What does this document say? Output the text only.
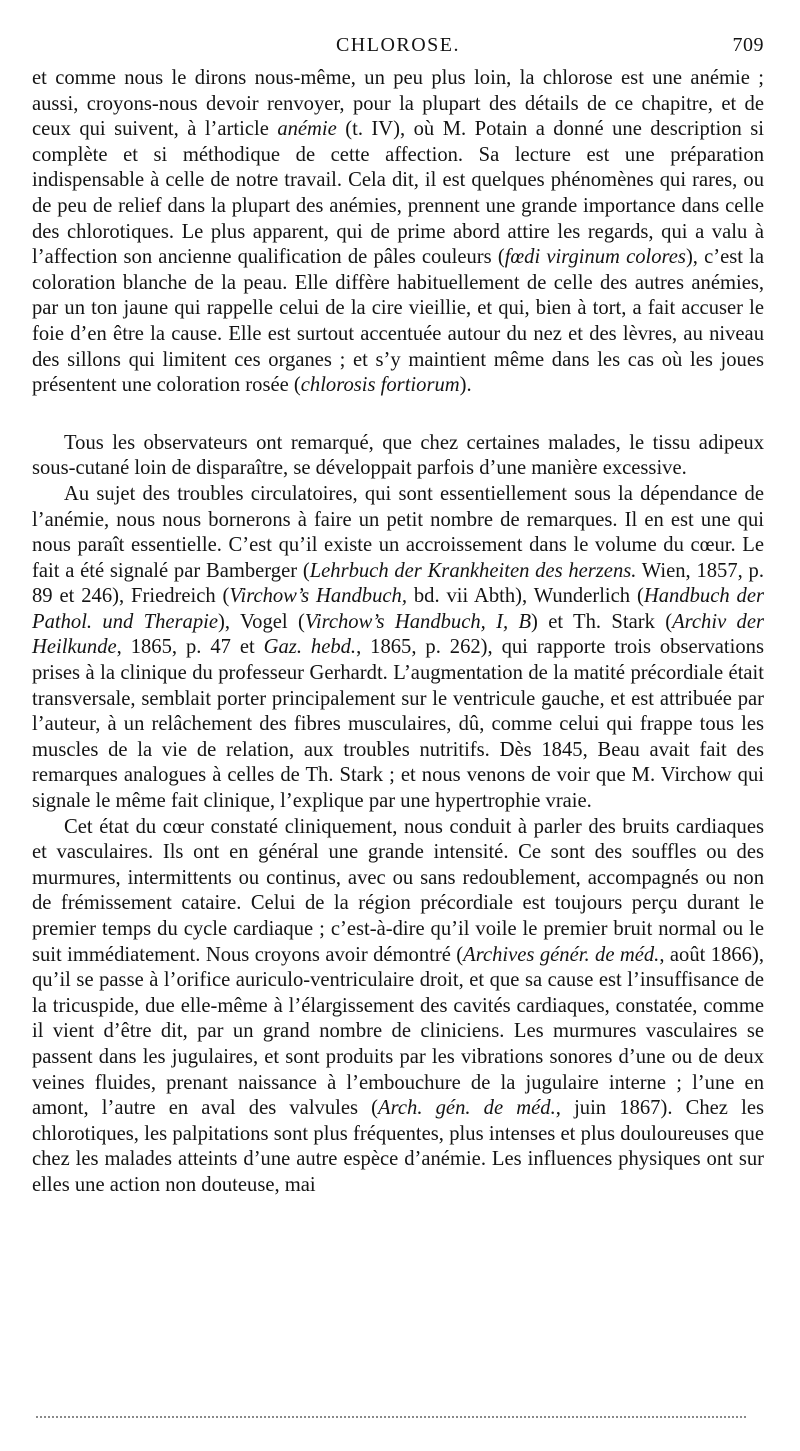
CHLOROSE.	709

et comme nous le dirons nous-même, un peu plus loin, la chlorose est une anémie ; aussi, croyons-nous devoir renvoyer, pour la plupart des détails de ce chapitre, et de ceux qui suivent, à l’article anémie (t. IV), où M. Potain a donné une description si complète et si méthodique de cette affection. Sa lecture est une préparation indispensable à celle de notre travail. Cela dit, il est quelques phénomènes qui rares, ou de peu de relief dans la plupart des anémies, prennent une grande importance dans celle des chlorotiques. Le plus apparent, qui de prime abord attire les regards, qui a valu à l’affection son ancienne qualification de pâles couleurs (fœdi virginum colores), c’est la coloration blanche de la peau. Elle diffère habituellement de celle des autres anémies, par un ton jaune qui rappelle celui de la cire vieillie, et qui, bien à tort, a fait accuser le foie d’en être la cause. Elle est surtout accentuée autour du nez et des lèvres, au niveau des sillons qui limitent ces organes ; et s’y maintient même dans les cas où les joues présentent une coloration rosée (chlorosis fortiorum).

Tous les observateurs ont remarqué, que chez certaines malades, le tissu adipeux sous-cutané loin de disparaître, se développait parfois d’une manière excessive.

Au sujet des troubles circulatoires, qui sont essentiellement sous la dépendance de l’anémie, nous nous bornerons à faire un petit nombre de remarques. Il en est une qui nous paraît essentielle. C’est qu’il existe un accroissement dans le volume du cœur. Le fait a été signalé par Bamberger (Lehrbuch der Krankheiten des herzens. Wien, 1857, p. 89 et 246), Friedreich (Virchow’s Handbuch, bd. vii Abth), Wunderlich (Handbuch der Pathol. und Therapie), Vogel (Virchow’s Handbuch, I, B) et Th. Stark (Archiv der Heilkunde, 1865, p. 47 et Gaz. hebd., 1865, p. 262), qui rapporte trois observations prises à la clinique du professeur Gerhardt. L’augmentation de la matité précordiale était transversale, semblait porter principalement sur le ventricule gauche, et est attribuée par l’auteur, à un relâchement des fibres musculaires, dû, comme celui qui frappe tous les muscles de la vie de relation, aux troubles nutritifs. Dès 1845, Beau avait fait des remarques analogues à celles de Th. Stark ; et nous venons de voir que M. Virchow qui signale le même fait clinique, l’explique par une hypertrophie vraie.

Cet état du cœur constaté cliniquement, nous conduit à parler des bruits cardiaques et vasculaires. Ils ont en général une grande intensité. Ce sont des souffles ou des murmures, intermittents ou continus, avec ou sans redoublement, accompagnés ou non de frémissement cataire. Celui de la région précordiale est toujours perçu durant le premier temps du cycle cardiaque ; c’est-à-dire qu’il voile le premier bruit normal ou le suit immédiatement. Nous croyons avoir démontré (Archives génér. de méd., août 1866), qu’il se passe à l’orifice auriculo-ventriculaire droit, et que sa cause est l’insuffisance de la tricuspide, due elle-même à l’élargissement des cavités cardiaques, constatée, comme il vient d’être dit, par un grand nombre de cliniciens. Les murmures vasculaires se passent dans les jugulaires, et sont produits par les vibrations sonores d’une ou de deux veines fluides, prenant naissance à l’embouchure de la jugulaire interne ; l’une en amont, l’autre en aval des valvules (Arch. gén. de méd., juin 1867). Chez les chlorotiques, les palpitations sont plus fréquentes, plus intenses et plus douloureuses que chez les malades atteints d’une autre espèce d’anémie. Les influences physiques ont sur elles une action non douteuse, mai
